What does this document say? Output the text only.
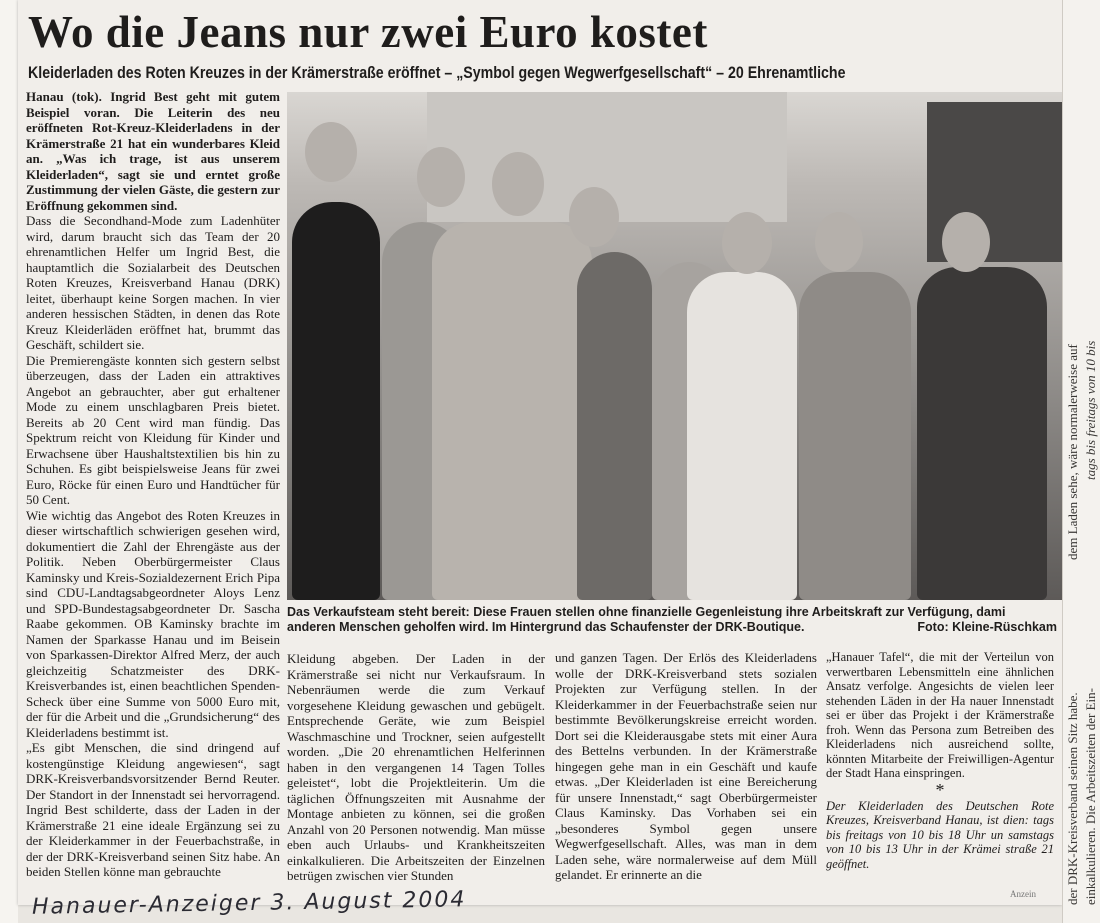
der DRK-Kreisverband seinen Sitz habe. einkalkulieren. Die Arbeitszeiten der Ein-
dem Laden sehe, wäre normalerweise auf tags bis freitags von 10 bis
Wo die Jeans nur zwei Euro kostet
Kleiderladen des Roten Kreuzes in der Krämerstraße eröffnet – „Symbol gegen Wegwerfgesellschaft“ – 20 Ehrenamtliche

Hanau (tok). Ingrid Best geht mit gutem Beispiel voran. Die Leiterin des neu eröffneten Rot-Kreuz-Kleiderladens in der Krämerstraße 21 hat ein wunderbares Kleid an. „Was ich trage, ist aus unserem Kleiderladen“, sagt sie und erntet große Zustimmung der vielen Gäste, die gestern zur Eröffnung gekommen sind.

Dass die Secondhand-Mode zum Ladenhüter wird, darum braucht sich das Team der 20 ehrenamtlichen Helfer um Ingrid Best, die hauptamtlich die Sozialarbeit des Deutschen Roten Kreuzes, Kreisverband Hanau (DRK) leitet, überhaupt keine Sorgen machen. In vier anderen hessischen Städten, in denen das Rote Kreuz Kleiderläden eröffnet hat, brummt das Geschäft, schildert sie.

Die Premierengäste konnten sich gestern selbst überzeugen, dass der Laden ein attraktives Angebot an gebrauchter, aber gut erhaltener Mode zu einem unschlagbaren Preis bietet. Bereits ab 20 Cent wird man fündig. Das Spektrum reicht von Kleidung für Kinder und Erwachsene über Haushaltstextilien bis hin zu Schuhen. Es gibt beispielsweise Jeans für zwei Euro, Röcke für einen Euro und Handtücher für 50 Cent.

Wie wichtig das Angebot des Roten Kreuzes in dieser wirtschaftlich schwierigen gesehen wird, dokumentiert die Zahl der Ehrengäste aus der Politik. Neben Oberbürgermeister Claus Kaminsky und Kreis-Sozialdezernent Erich Pipa sind CDU-Landtagsabgeordneter Aloys Lenz und SPD-Bundestagsabgeordneter Dr. Sascha Raabe gekommen. OB Kaminsky brachte im Namen der Sparkasse Hanau und im Beisein von Sparkassen-Direktor Alfred Merz, der auch gleichzeitig Schatzmeister des DRK-Kreisverbandes ist, einen beachtlichen Spenden-Scheck über eine Summe von 5000 Euro mit, der für die Arbeit und die „Grundsicherung“ des Kleiderladens bestimmt ist.

„Es gibt Menschen, die sind dringend auf kostengünstige Kleidung angewiesen“, sagt DRK-Kreisverbandsvorsitzender Bernd Reuter. Der Standort in der Innenstadt sei hervorragend. Ingrid Best schilderte, dass der Laden in der Krämerstraße 21 eine ideale Ergänzung sei zu der Kleiderkammer in der Feuerbachstraße, in der der DRK-Kreisverband seinen Sitz habe. An beiden Stellen könne man gebrauchte

Das Verkaufsteam steht bereit: Diese Frauen stellen ohne finanzielle Gegenleistung ihre Arbeitskraft zur Verfügung, dami anderen Menschen geholfen wird. Im Hintergrund das Schaufenster der DRK-Boutique.	Foto: Kleine-Rüschkam

Kleidung abgeben. Der Laden in der Krämerstraße sei nicht nur Verkaufsraum. In Nebenräumen werde die zum Verkauf vorgesehene Kleidung gewaschen und gebügelt. Entsprechende Geräte, wie zum Beispiel Waschmaschine und Trockner, seien aufgestellt worden. „Die 20 ehrenamtlichen Helferinnen haben in den vergangenen 14 Tagen Tolles geleistet“, lobt die Projektleiterin. Um die täglichen Öffnungszeiten mit Ausnahme der Montage anbieten zu können, sei die großen Anzahl von 20 Personen notwendig. Man müsse eben auch Urlaubs- und Krankheitszeiten einkalkulieren. Die Arbeitszeiten der Einzelnen betrügen zwischen vier Stunden

und ganzen Tagen. Der Erlös des Kleiderladens wolle der DRK-Kreisverband stets sozialen Projekten zur Verfügung stellen. In der Kleiderkammer in der Feuerbachstraße seien nur bestimmte Bevölkerungskreise erreicht worden. Dort sei die Kleiderausgabe stets mit einer Aura des Bettelns verbunden. In der Krämerstraße hingegen gehe man in ein Geschäft und kaufe etwas. „Der Kleiderladen ist eine Bereicherung für unsere Innenstadt,“ sagt Oberbürgermeister Claus Kaminsky. Das Vorhaben sei ein „besonderes Symbol gegen unsere Wegwerfgesellschaft. Alles, was man in dem Laden sehe, wäre normalerweise auf dem Müll gelandet. Er erinnerte an die

„Hanauer Tafel“, die mit der Verteilun von verwertbaren Lebensmitteln eine ähnlichen Ansatz verfolge. Angesichts de vielen leer stehenden Läden in der Ha nauer Innenstadt sei er über das Projekt i der Krämerstraße froh. Wenn das Persona zum Betreiben des Kleiderladens nich ausreichend sollte, könnten Mitarbeite der Freiwilligen-Agentur der Stadt Hana einspringen.

*

Der Kleiderladen des Deutschen Rote Kreuzes, Kreisverband Hanau, ist dien: tags bis freitags von 10 bis 18 Uhr un samstags von 10 bis 13 Uhr in der Krämei straße 21 geöffnet.

Anzein
Hanauer-Anzeiger 3. August 2004
